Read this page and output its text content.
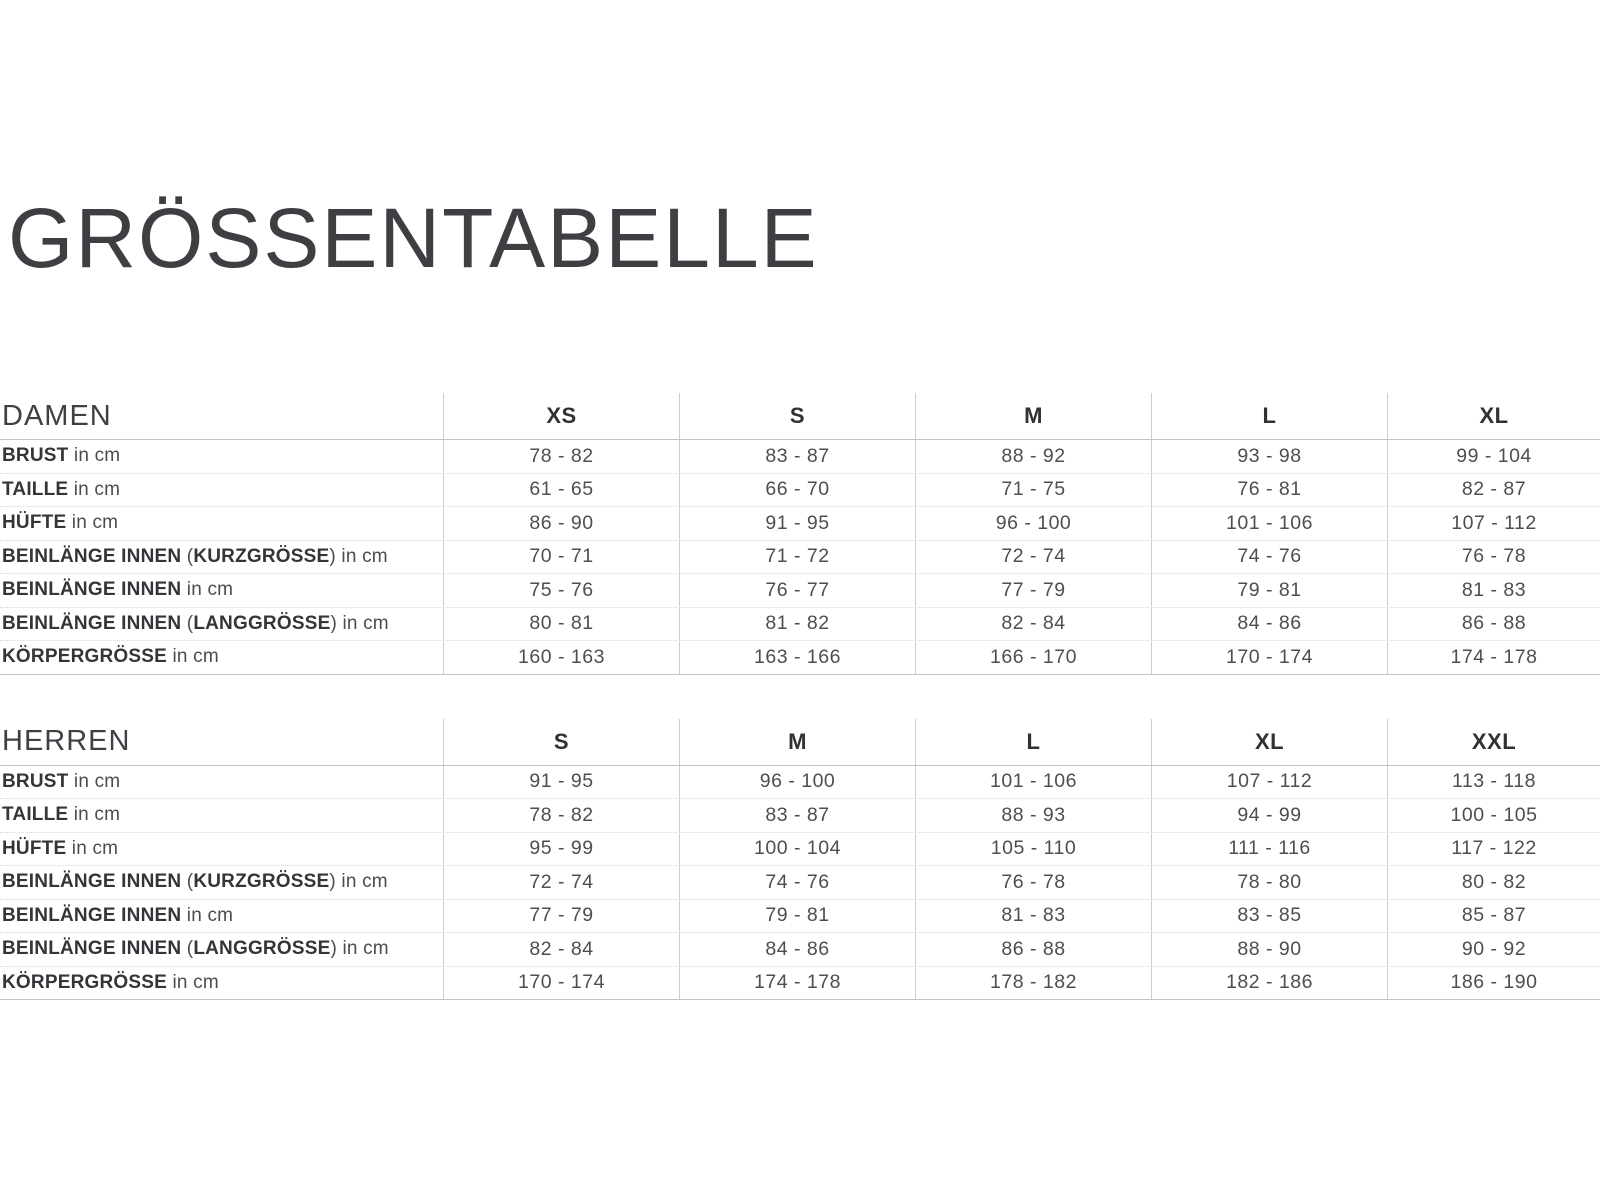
GRÖSSENTABELLE
DAMEN	XS	S	M	L	XL
BRUST in cm	78 - 82	83 - 87	88 - 92	93 - 98	99 - 104
TAILLE in cm	61 - 65	66 - 70	71 - 75	76 - 81	82 - 87
HÜFTE in cm	86 - 90	91 - 95	96 - 100	101 - 106	107 - 112
BEINLÄNGE INNEN ( KURZGRÖSSE ) in cm	70 - 71	71 - 72	72 - 74	74 - 76	76 - 78
BEINLÄNGE INNEN in cm	75 - 76	76 - 77	77 - 79	79 - 81	81 - 83
BEINLÄNGE INNEN ( LANGGRÖSSE ) in cm	80 - 81	81 - 82	82 - 84	84 - 86	86 - 88
KÖRPERGRÖSSE in cm	160 - 163	163 - 166	166 - 170	170 - 174	174 - 178
HERREN	S	M	L	XL	XXL
BRUST in cm	91 - 95	96 - 100	101 - 106	107 - 112	113 - 118
TAILLE in cm	78 - 82	83 - 87	88 - 93	94 - 99	100 - 105
HÜFTE in cm	95 - 99	100 - 104	105 - 110	111 - 116	117 - 122
BEINLÄNGE INNEN ( KURZGRÖSSE ) in cm	72 - 74	74 - 76	76 - 78	78 - 80	80 - 82
BEINLÄNGE INNEN in cm	77 - 79	79 - 81	81 - 83	83 - 85	85 - 87
BEINLÄNGE INNEN ( LANGGRÖSSE ) in cm	82 - 84	84 - 86	86 - 88	88 - 90	90 - 92
KÖRPERGRÖSSE in cm	170 - 174	174 - 178	178 - 182	182 - 186	186 - 190
